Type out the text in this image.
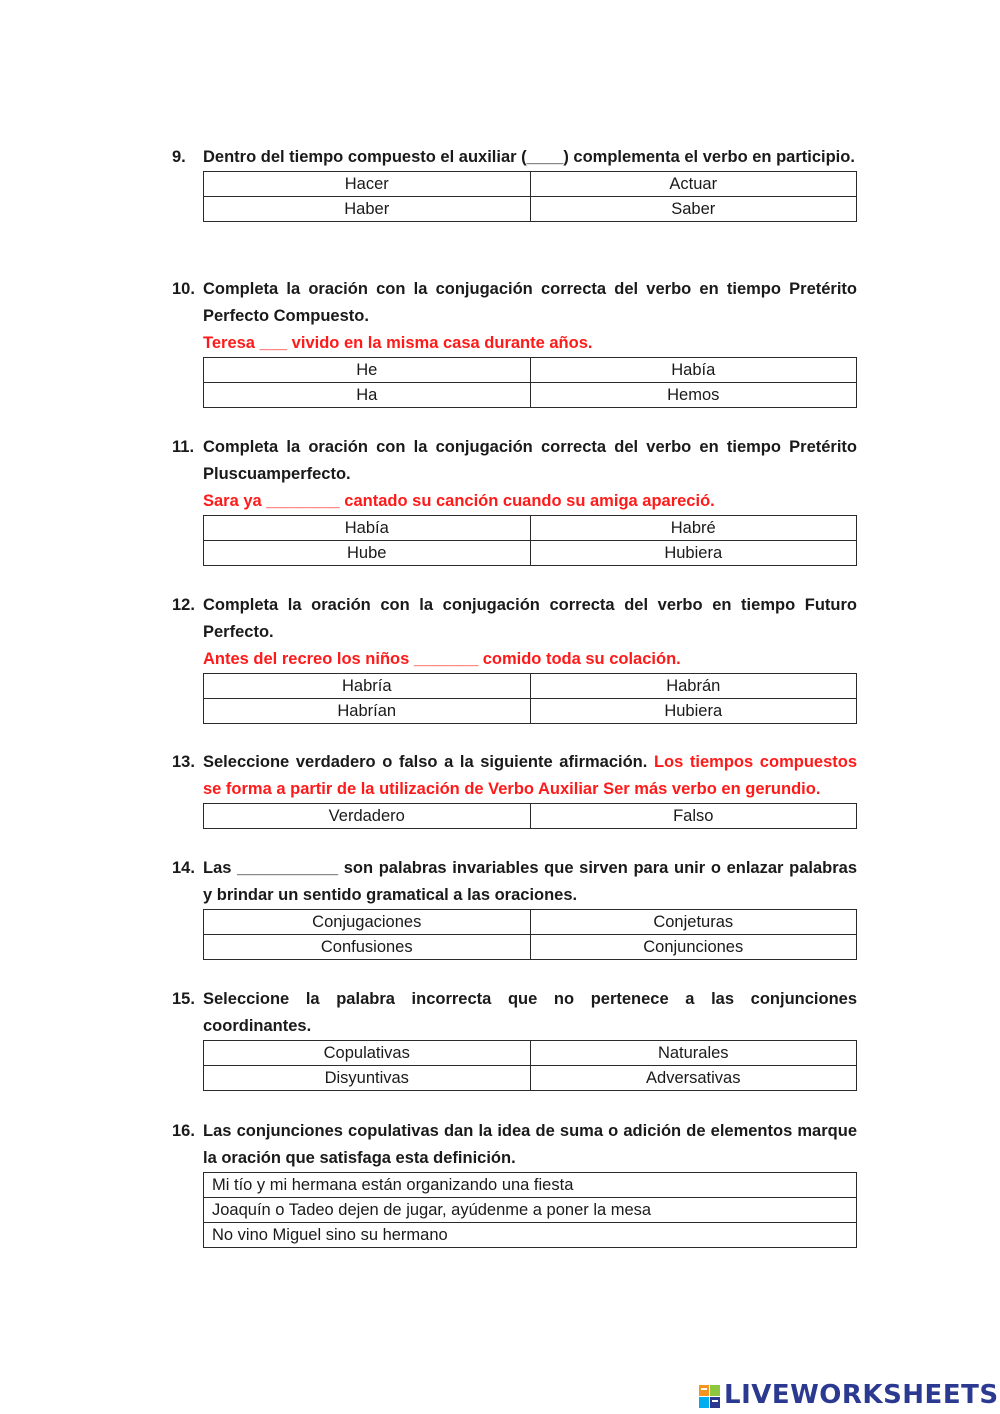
9. Dentro del tiempo compuesto el auxiliar (____) complementa el verbo en participio.
Hacer	Actuar
Haber	Saber
10. Completa la oración con la conjugación correcta del verbo en tiempo Pretérito Perfecto Compuesto.
Teresa ___ vivido en la misma casa durante años.
He	Había
Ha	Hemos
11. Completa la oración con la conjugación correcta del verbo en tiempo Pretérito Pluscuamperfecto.
Sara ya ________ cantado su canción cuando su amiga apareció.
Había	Habré
Hube	Hubiera
12. Completa la oración con la conjugación correcta del verbo en tiempo Futuro Perfecto.
Antes del recreo los niños _______ comido toda su colación.
Habría	Habrán
Habrían	Hubiera
13. Seleccione verdadero o falso a la siguiente afirmación. Los tiempos compuestos se forma a partir de la utilización de Verbo Auxiliar Ser más verbo en gerundio.
Verdadero	Falso
14. Las ___________ son palabras invariables que sirven para unir o enlazar palabras y brindar un sentido gramatical a las oraciones.
Conjugaciones	Conjeturas
Confusiones	Conjunciones
15. Seleccione la palabra incorrecta que no pertenece a las conjunciones coordinantes.
Copulativas	Naturales
Disyuntivas	Adversativas
16. Las conjunciones copulativas dan la idea de suma o adición de elementos marque la oración que satisfaga esta definición.
Mi tío y mi hermana están organizando una fiesta
Joaquín o Tadeo dejen de jugar, ayúdenme a poner la mesa
No vino Miguel sino su hermano
LIVEWORKSHEETS
